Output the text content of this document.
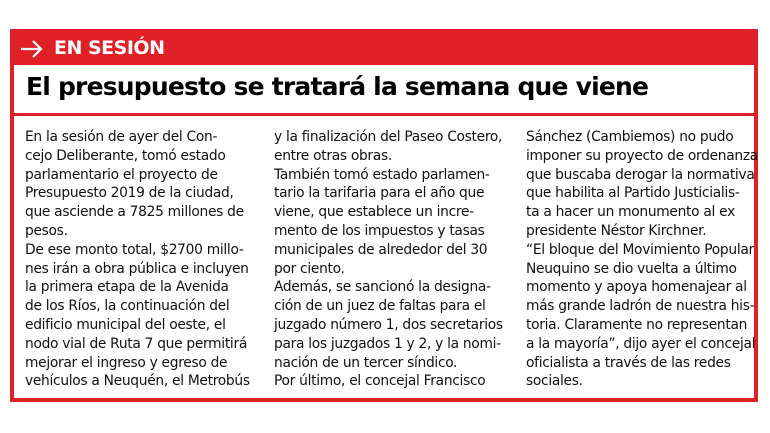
EN SESIÓN
El presupuesto se tratará la semana que viene

En la sesión de ayer del Con-

cejo Deliberante, tomó estado

parlamentario el proyecto de

Presupuesto 2019 de la ciudad,

que asciende a 7825 millones de

pesos.

De ese monto total, $2700 millo-

nes irán a obra pública e incluyen

la primera etapa de la Avenida

de los Ríos, la continuación del

edificio municipal del oeste, el

nodo vial de Ruta 7 que permitirá

mejorar el ingreso y egreso de

vehículos a Neuquén, el Metrobús

y la finalización del Paseo Costero,

entre otras obras.

También tomó estado parlamen-

tario la tarifaria para el año que

viene, que establece un incre-

mento de los impuestos y tasas

municipales de alrededor del 30

por ciento.

Además, se sancionó la designa-

ción de un juez de faltas para el

juzgado número 1, dos secretarios

para los juzgados 1 y 2, y la nomi-

nación de un tercer síndico.

Por último, el concejal Francisco

Sánchez (Cambiemos) no pudo

imponer su proyecto de ordenanza

que buscaba derogar la normativa

que habilita al Partido Justicialis-

ta a hacer un monumento al ex

presidente Néstor Kirchner.

“El bloque del Movimiento Popular

Neuquino se dio vuelta a último

momento y apoya homenajear al

más grande ladrón de nuestra his-

toria. Claramente no representan

a la mayoría”, dijo ayer el concejal

oficialista a través de las redes

sociales.
